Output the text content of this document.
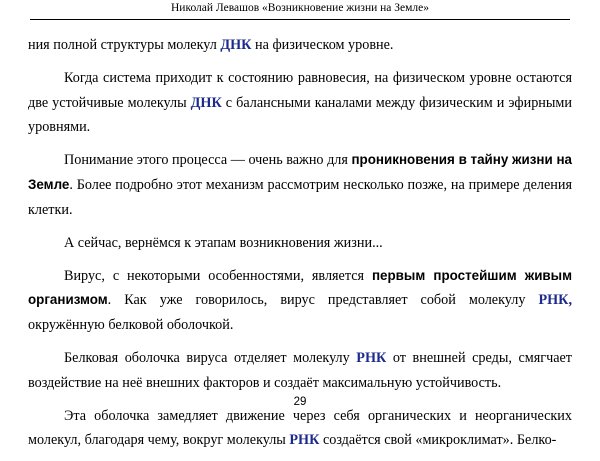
Николай Левашов «Возникновение жизни на Земле»

ния полной структуры молекул ДНК на физическом уровне.

Когда система приходит к состоянию равновесия, на физическом уровне остаются две устойчивые молекулы ДНК с балансными каналами между физическим и эфирными уровнями.

Понимание этого процесса — очень важно для проникновения в тайну жизни на Земле. Более подробно этот механизм рассмотрим несколько позже, на примере деления клетки.

А сейчас, вернёмся к этапам возникновения жизни...

Вирус, с некоторыми особенностями, является первым простейшим живым организмом. Как уже говорилось, вирус представляет собой молекулу РНК, окружённую белковой оболочкой.

Белковая оболочка вируса отделяет молекулу РНК от внешней среды, смягчает воздействие на неё внешних факторов и создаёт максимальную устойчивость.

Эта оболочка замедляет движение через себя органических и неорганических молекул, благодаря чему, вокруг молекулы РНК создаётся свой «микроклимат». Белко-

29
